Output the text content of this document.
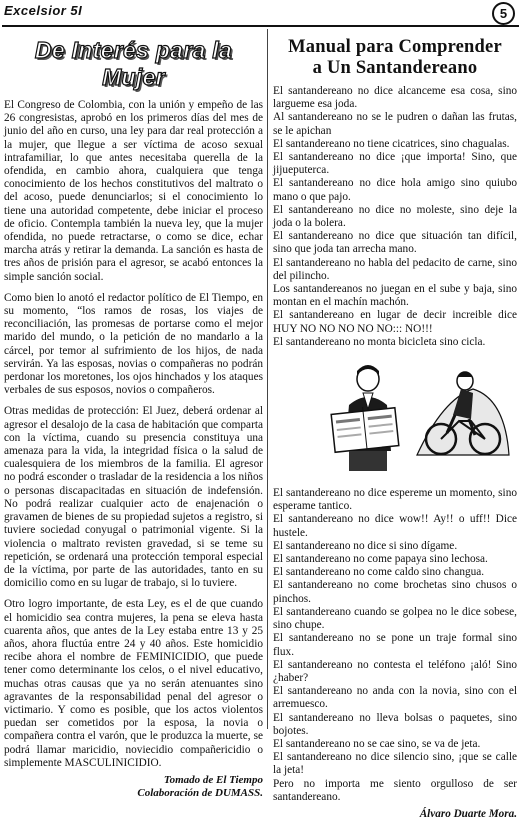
Excelsior 5I	5
De Interés para la Mujer

El Congreso de Colombia, con la unión y empeño de las 26 congresistas, aprobó en los primeros días del mes de junio del año en curso, una ley para dar real protección a la mujer, que llegue a ser víctima de acoso sexual intrafamiliar, lo que antes necesitaba querella de la ofendida, en cambio ahora, cualquiera que tenga conocimiento de los hechos constitutivos del maltrato o del acoso, puede denunciarlos; si el conocimiento lo tiene una autoridad competente, debe iniciar el proceso de oficio. Contempla también la nueva ley, que la mujer ofendida, no puede retractarse, o como se dice, echar marcha atrás y retirar la demanda. La sanción es hasta de tres años de prisión para el agresor, se acabó entonces la simple sanción social.

Como bien lo anotó el redactor político de El Tiempo, en su momento, “los ramos de rosas, los viajes de reconciliación, las promesas de portarse como el mejor marido del mundo, o la petición de no mandarlo a la cárcel, por temor al sufrimiento de los hijos, de nada servirán. Ya las esposas, novias o compañeras no podrán perdonar los moretones, los ojos hinchados y los ataques verbales de sus esposos, novios o compañeros.

Otras medidas de protección: El Juez, deberá ordenar al agresor el desalojo de la casa de habitación que comparta con la víctima, cuando su presencia constituya una amenaza para la vida, la integridad física o la salud de cualesquiera de los miembros de la familia. El agresor no podrá esconder o trasladar de la residencia a los niños o personas discapacitadas en situación de indefensión. No podrá realizar cualquier acto de enajenación o gravamen de bienes de su propiedad sujetos a registro, si tuviere sociedad conyugal o patrimonial vigente. Si la violencia o maltrato revisten gravedad, si se teme su repetición, se ordenará una protección temporal especial de la víctima, por parte de las autoridades, tanto en su domicilio como en su lugar de trabajo, si lo tuviere.

Otro logro importante, de esta Ley, es el de que cuando el homicidio sea contra mujeres, la pena se eleva hasta cuarenta años, que antes de la Ley estaba entre 13 y 25 años, ahora fluctúa entre 24 y 40 años. Este homicidio recibe ahora el nombre de FEMINICIDIO, que puede tener como determinante los celos, o el nivel educativo, muchas otras causas que ya no serán atenuantes sino agravantes de la responsabilidad penal del agresor o victimario. Y como es posible, que los actos violentos puedan ser cometidos por la esposa, la novia o compañera contra el varón, que le produzca la muerte, se podrá llamar maricidio, noviecidio compañericidio o simplemente MASCULINICIDIO.

Tomado de El Tiempo

Colaboración de DUMASS.

Manual para Comprender
a Un Santandereano

El santandereano no dice alcanceme esa cosa, sino largueme esa joda.

Al santandereano no se le pudren o dañan las frutas, se le apichan

El santandereano no tiene cicatrices, sino chagualas.

El santandereano no dice ¡que importa! Sino, que jijueputerca.

El santandereano no dice hola amigo sino quiubo mano o que pajo.

El santandereano no dice no moleste, sino deje la joda o la bolera.

El santandereano no dice que situación tan difícil, sino que joda tan arrecha mano.

El santandereano no habla del pedacito de carne, sino del pilincho.

Los santandereanos no juegan en el sube y baja, sino montan en el machín machón.

El santandereano en lugar de decir increible dice HUY NO NO NO NO NO::: NO!!!

El santandereano no monta bicicleta sino cicla.

El santandereano no dice espereme un momento, sino esperame tantico.

El santandereano no dice wow!! Ay!! o uff!! Dice hustele.

El santandereano no dice si sino dígame.

El santandereano no come papaya sino lechosa.

El santandereano no come caldo sino changua.

El santandereano no come brochetas sino chusos o pinchos.

El santandereano cuando se golpea no le dice sobese, sino chupe.

El santandereano no se pone un traje formal sino flux.

El santandereano no contesta el teléfono ¡aló! Sino ¿haber?

El santandereano no anda con la novia, sino con el arremuesco.

El santandereano no lleva bolsas o paquetes, sino bojotes.

El santandereano no se cae sino, se va de jeta.

El santandereano no dice silencio sino, ¡que se calle la jeta!

Pero no importa me siento orgulloso de ser santandereano.

Álvaro Duarte Mora.
